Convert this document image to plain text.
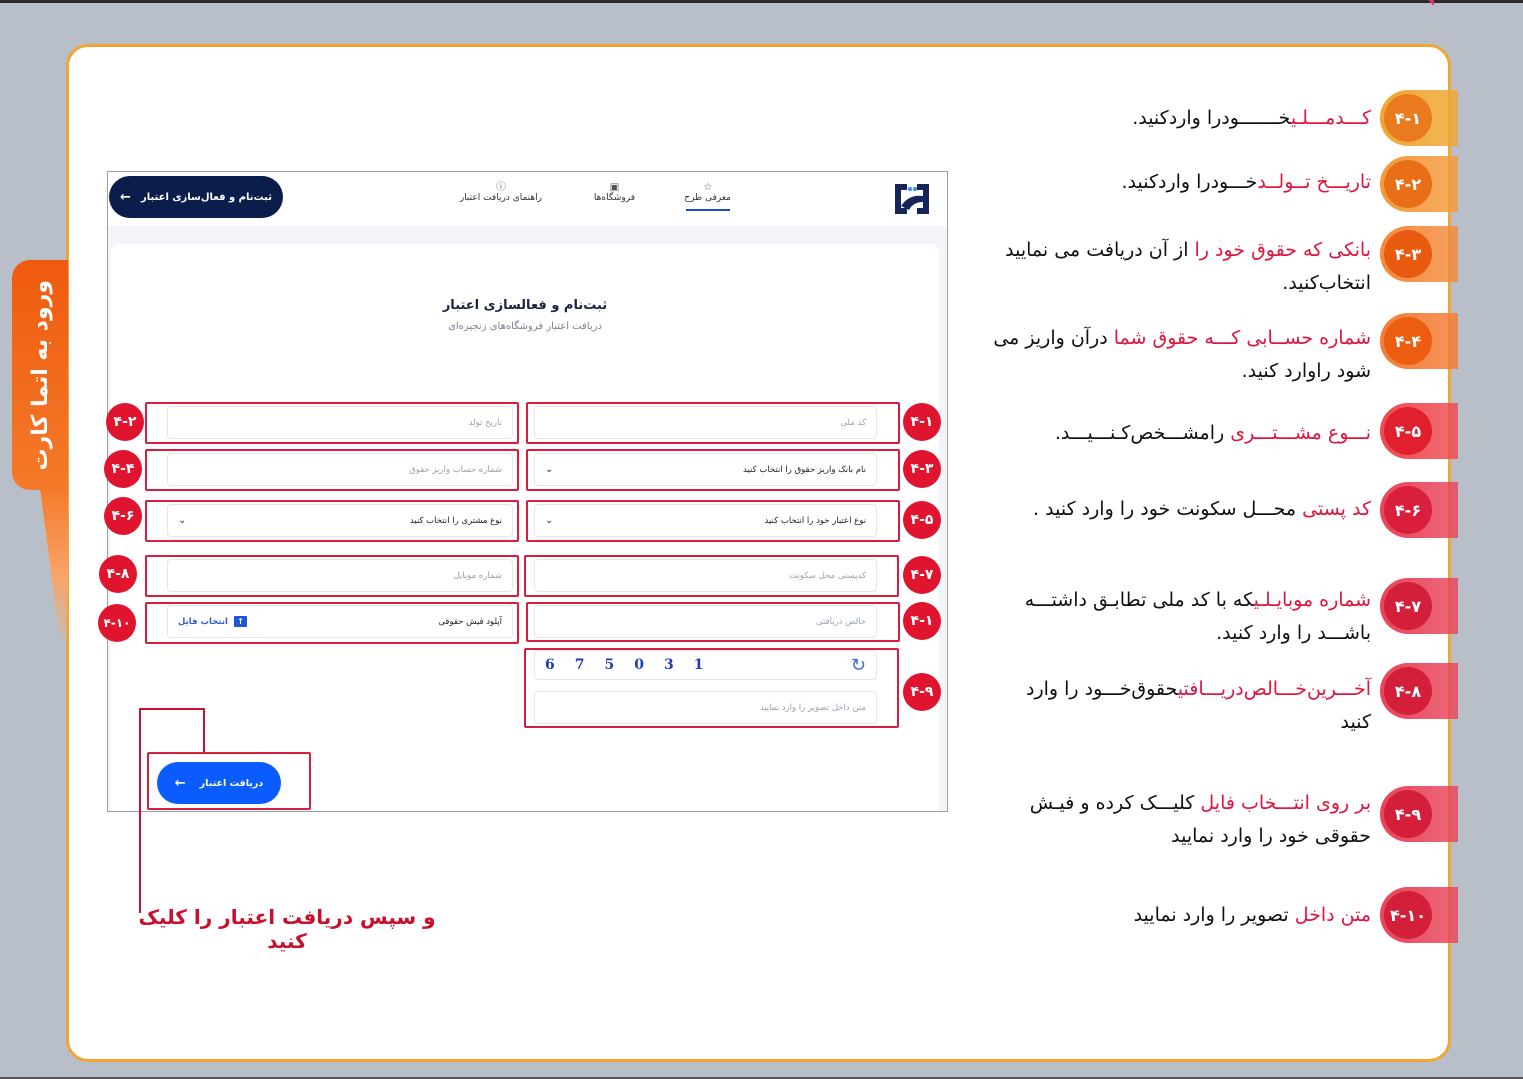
ورود به اتما کارت
☆
معرفی طرح
▣
فروشگاه‌ها
ⓘ
راهنمای دریافت اعتبار
ثبت‌نام و فعال‌سازی اعتبار
←
ثبت‌نام و فعالسازی اعتبار
دریافت اعتبار فروشگاه‌های زنجیره‌ای
کد ملی	۴-۱
تاریخ تولد
۴-۲
نام بانک واریز حقوق را انتخاب کنید
⌄	۴-۳
شماره حساب واریز حقوق
۴-۴
نوع اعتبار خود را انتخاب کنید
⌄	۴-۵
نوع مشتری را انتخاب کنید
⌄
۴-۶
کدپستی محل سکونت	۴-۷
شماره موبایل
۴-۸
خالص دریافتی	۴-۱
آپلود فیش حقوقی
↑
انتخاب فایل
۴-۱۰
↻
6 7 5 0 3 1
متن داخل تصویر را وارد نمایید
۴-۹
دریافت اعتبار
←
و سپس دریافت اعتبار را کلیک کنید
۴-۱
کـــدمـــلـیخـــــــودرا واردکنید.
۴-۲
تاریـــخ تــولــدخـــودرا واردکنید.
۴-۳
بانکی که حقوق خود را از آن دریافت می نمایید انتخاب‌کنید.
۴-۴
شماره حســابی کـــه حقوق شما درآن واریز می شود راوارد کنید.
۴-۵
نـــوع مشـــتـــری رامشـــخص‌کـنـــیـــد.
۴-۶
کد پستی محـــل سکونت خود را وارد کنید .
۴-۷
شماره موبایـلـیکه با کد ملی تطابـق داشتـــه باشـــد را وارد کنید.
۴-۸
آخـــرین‌خـــالص‌دریـــافتیحقوق‌خـــود را وارد کنید
۴-۹
بر روی انتـــخاب فایل کلیـــک کرده و فیـش حقوقی خود را وارد نمایید
۴-۱۰
متن داخل تصویر را وارد نمایید
